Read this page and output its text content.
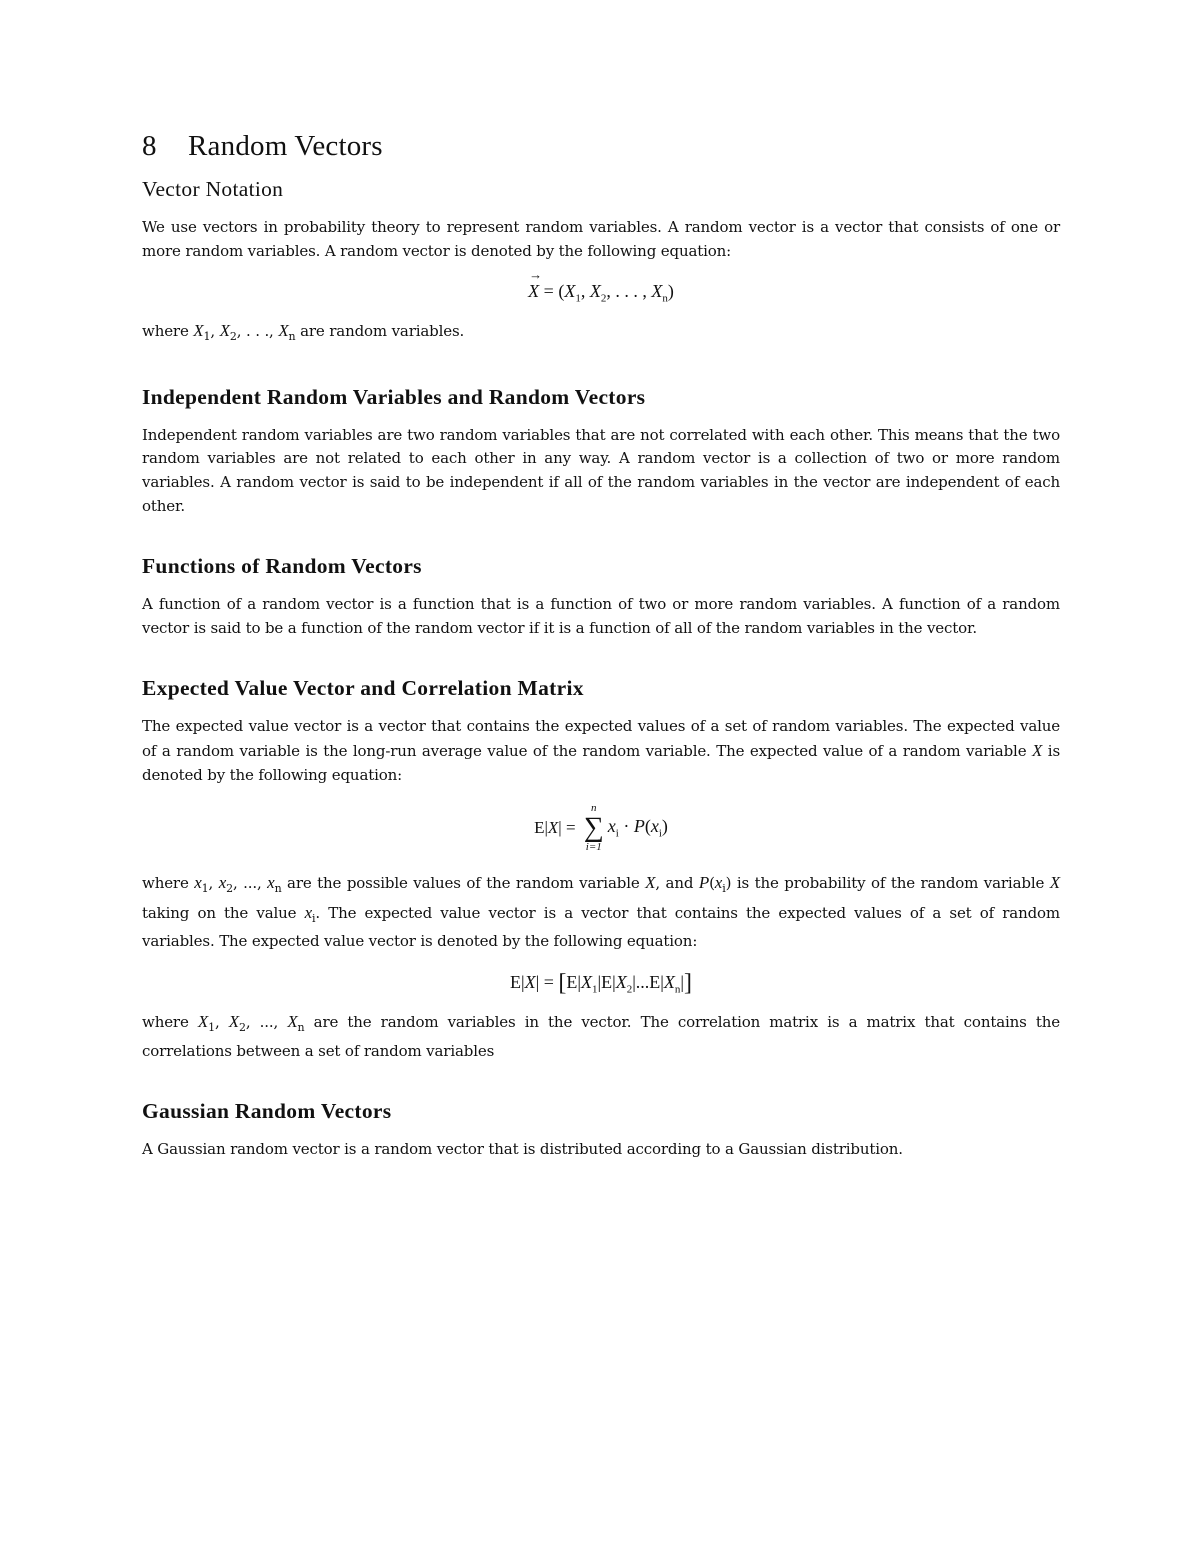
8 Random Vectors
Vector Notation

We use vectors in probability theory to represent random variables. A random vector is a vector that consists of one or more random variables. A random vector is denoted by the following equation:

→ $X = (X_1$, $X_2$, . . . , $X_n$)

where $X_1$, $X_2$, . . ., $X_n$ are random variables.

Independent Random Variables and Random Vectors

Independent random variables are two random variables that are not correlated with each other. This means that the two random variables are not related to each other in any way. A random vector is a collection of two or more random variables. A random vector is said to be independent if all of the random variables in the vector are independent of each other.

Functions of Random Vectors

A function of a random vector is a function that is a function of two or more random variables. A function of a random vector is said to be a function of the random vector if it is a function of all of the random variables in the vector.

Expected Value Vector and Correlation Matrix

The expected value vector is a vector that contains the expected values of a set of random variables. The expected value of a random variable is the long-run average value of the random variable. The expected value of a random variable X is denoted by the following equation:

E|X| =
n
∑
i=1
$x_i \cdot P(x_i)$

where $x_1$, $x_2$, ..., $x_n$ are the possible values of the random variable X, and $P(x_i)$ is the probability of the random variable X taking on the value $x_i$. The expected value vector is a vector that contains the expected values of a set of random variables. The expected value vector is denoted by the following equation:

$E|X| = [E|X_1|E|X_2|...E|X_n|]$

where $X_1$, $X_2$, ..., $X_n$ are the random variables in the vector. The correlation matrix is a matrix that contains the correlations between a set of random variables

Gaussian Random Vectors

A Gaussian random vector is a random vector that is distributed according to a Gaussian distribution.
